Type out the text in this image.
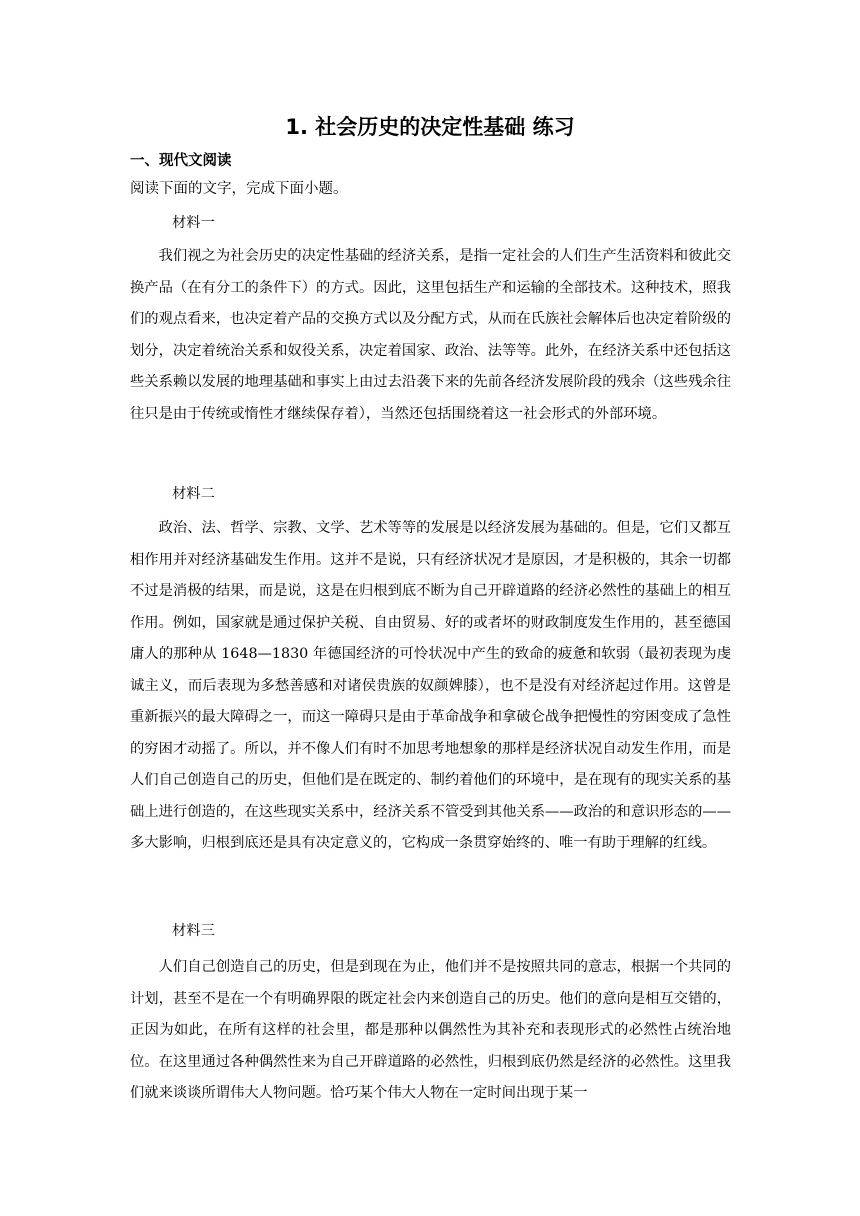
1. 社会历史的决定性基础 练习
一、现代文阅读
阅读下面的文字，完成下面小题。
材料一

我们视之为社会历史的决定性基础的经济关系，是指一定社会的人们生产生活资料和彼此交换产品（在有分工的条件下）的方式。因此，这里包括生产和运输的全部技术。这种技术，照我们的观点看来，也决定着产品的交换方式以及分配方式，从而在氏族社会解体后也决定着阶级的划分，决定着统治关系和奴役关系，决定着国家、政治、法等等。此外，在经济关系中还包括这些关系赖以发展的地理基础和事实上由过去沿袭下来的先前各经济发展阶段的残余（这些残余往往只是由于传统或惰性才继续保存着），当然还包括围绕着这一社会形式的外部环境。

材料二

政治、法、哲学、宗教、文学、艺术等等的发展是以经济发展为基础的。但是，它们又都互相作用并对经济基础发生作用。这并不是说，只有经济状况才是原因，才是积极的，其余一切都不过是消极的结果，而是说，这是在归根到底不断为自己开辟道路的经济必然性的基础上的相互作用。例如，国家就是通过保护关税、自由贸易、好的或者坏的财政制度发生作用的，甚至德国庸人的那种从 1648—1830 年德国经济的可怜状况中产生的致命的疲惫和软弱（最初表现为虔诚主义，而后表现为多愁善感和对诸侯贵族的奴颜婢膝），也不是没有对经济起过作用。这曾是重新振兴的最大障碍之一，而这一障碍只是由于革命战争和拿破仑战争把慢性的穷困变成了急性的穷困才动摇了。所以，并不像人们有时不加思考地想象的那样是经济状况自动发生作用，而是人们自己创造自己的历史，但他们是在既定的、制约着他们的环境中，是在现有的现实关系的基础上进行创造的，在这些现实关系中，经济关系不管受到其他关系——政治的和意识形态的——多大影响，归根到底还是具有决定意义的，它构成一条贯穿始终的、唯一有助于理解的红线。

材料三

人们自己创造自己的历史，但是到现在为止，他们并不是按照共同的意志，根据一个共同的计划，甚至不是在一个有明确界限的既定社会内来创造自己的历史。他们的意向是相互交错的，正因为如此，在所有这样的社会里，都是那种以偶然性为其补充和表现形式的必然性占统治地位。在这里通过各种偶然性来为自己开辟道路的必然性，归根到底仍然是经济的必然性。这里我们就来谈谈所谓伟大人物问题。恰巧某个伟大人物在一定时间出现于某一
